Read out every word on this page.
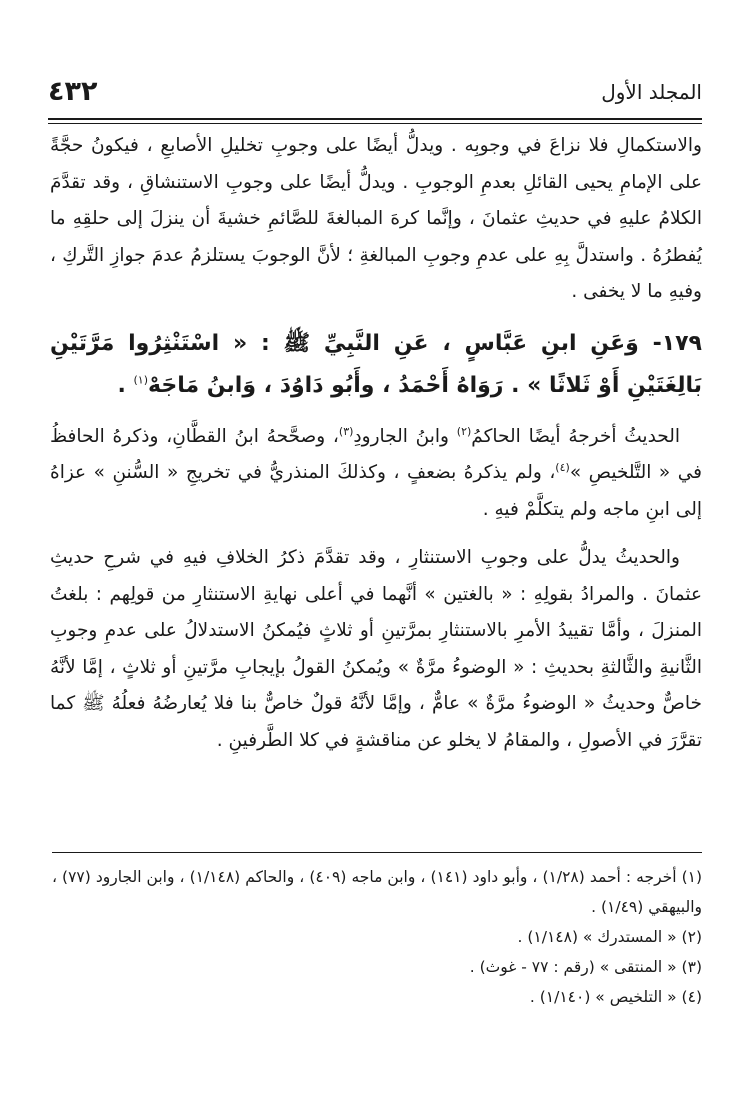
٤٣٢	المجلد الأول

والاستكمالِ فلا نزاعَ في وجوبِه . ويدلُّ أيضًا على وجوبِ تخليلِ الأصابعِ ، فيكونُ حجَّةً على الإمامِ يحيى القائلِ بعدمِ الوجوبِ . ويدلُّ أيضًا على وجوبِ الاستنشاقِ ، وقد تقدَّمَ الكلامُ عليهِ في حديثِ عثمانَ ، وإنَّما كرهَ المبالغةَ للصَّائمِ خشيةَ أن ينزلَ إلى حلقِهِ ما يُفطرُهُ . واستدلَّ بِهِ على عدمِ وجوبِ المبالغةِ ؛ لأنَّ الوجوبَ يستلزمُ عدمَ جوازِ التَّركِ ، وفيهِ ما لا يخفى .

١٧٩- وَعَنِ ابنِ عَبَّاسٍ ، عَنِ النَّبِيِّ ﷺ : « اسْتَنْثِرُوا مَرَّتَيْنِ بَالِغَتَيْنِ أَوْ ثَلاثًا » . رَوَاهُ أَحْمَدُ ، وأَبُو دَاوُدَ ، وَابنُ مَاجَهْ$^{(١)}$ .

الحديثُ أخرجهُ أيضًا الحاكمُ$^{(٢)}$ وابنُ الجارودِ$^{(٣)}$، وصحَّحهُ ابنُ القطَّانِ، وذكرهُ الحافظُ في « التَّلخيصِ »$^{(٤)}$، ولم يذكرهُ بضعفٍ ، وكذلكَ المنذريُّ في تخريجِ « السُّننِ » عزاهُ إلى ابنِ ماجه ولم يتكلَّمْ فيهِ .

والحديثُ يدلُّ على وجوبِ الاستنثارِ ، وقد تقدَّمَ ذكرُ الخلافِ فيهِ في شرحِ حديثِ عثمانَ . والمرادُ بقولِهِ : « بالغتين » أنَّهما في أعلى نهايةِ الاستنثارِ من قولِهم : بلغتُ المنزلَ ، وأمَّا تقييدُ الأمرِ بالاستنثارِ بمرَّتينِ أو ثلاثٍ فيُمكنُ الاستدلالُ على عدمِ وجوبِ الثَّانيةِ والثَّالثةِ بحديثِ : « الوضوءُ مرَّةٌ » ويُمكنُ القولُ بإيجابِ مرَّتينِ أو ثلاثٍ ، إمَّا لأنَّهُ خاصٌّ وحديثُ « الوضوءُ مرَّةٌ » عامٌّ ، وإمَّا لأنَّهُ قولٌ خاصٌّ بنا فلا يُعارضُهُ فعلُهُ ﷺ كما تقرَّرَ في الأصولِ ، والمقامُ لا يخلو عن مناقشةٍ في كلا الطَّرفينِ .

(١) أخرجه : أحمد (١/٢٨) ، وأبو داود (١٤١) ، وابن ماجه (٤٠٩) ، والحاكم (١/١٤٨) ، وابن الجارود (٧٧) ، والبيهقي (١/٤٩) .

(٢) « المستدرك » (١/١٤٨) .

(٣) « المنتقى » (رقم : ٧٧ - غوث) .

(٤) « التلخيص » (١/١٤٠) .
